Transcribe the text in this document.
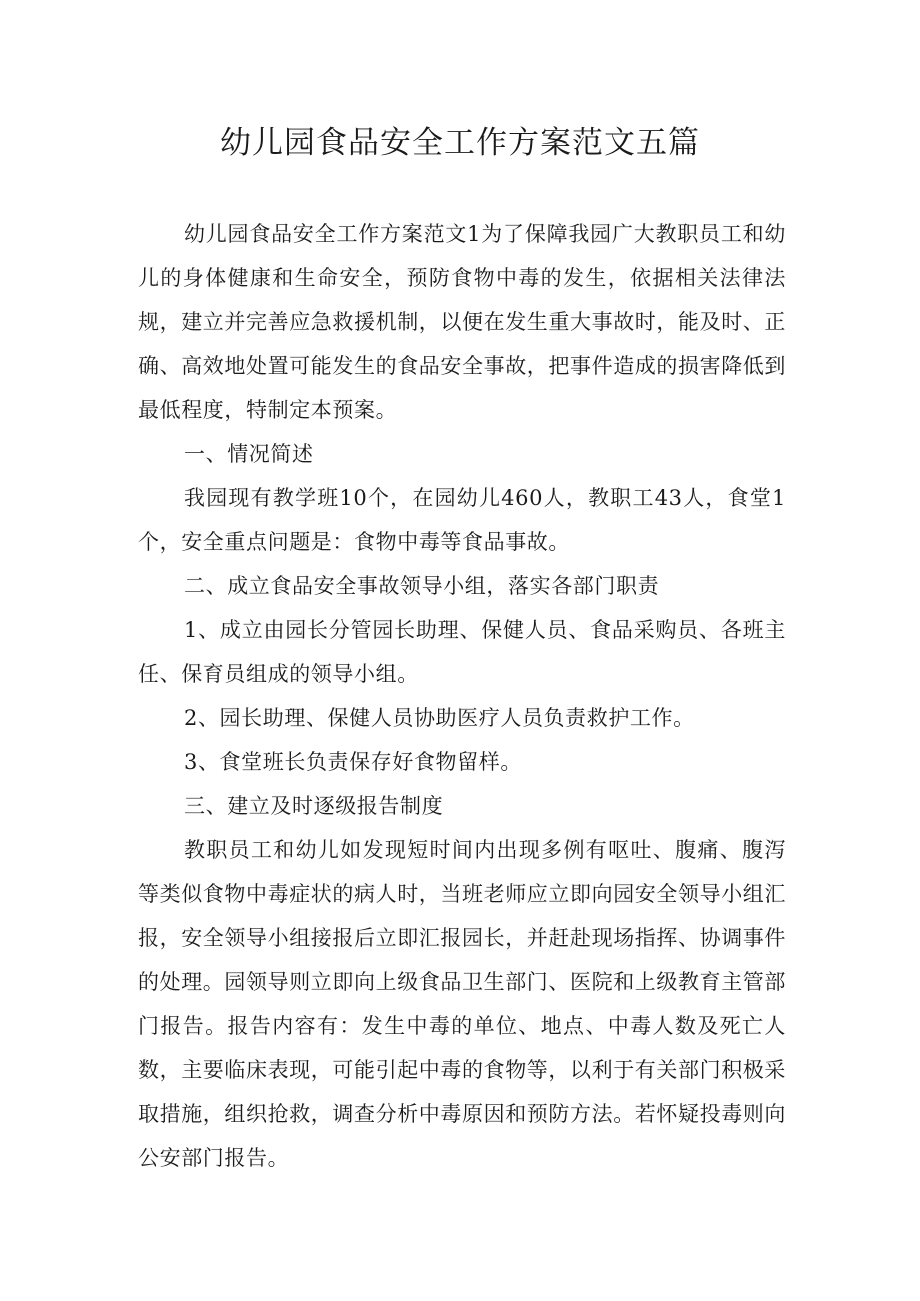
幼儿园食品安全工作方案范文五篇

幼儿园食品安全工作方案范文1为了保障我园广大教职员工和幼儿的身体健康和生命安全，预防食物中毒的发生，依据相关法律法规，建立并完善应急救援机制，以便在发生重大事故时，能及时、正确、高效地处置可能发生的食品安全事故，把事件造成的损害降低到最低程度，特制定本预案。

一、情况简述

我园现有教学班10个，在园幼儿460人，教职工43人，食堂1个，安全重点问题是：食物中毒等食品事故。

二、成立食品安全事故领导小组，落实各部门职责

1、成立由园长分管园长助理、保健人员、食品采购员、各班主任、保育员组成的领导小组。

2、园长助理、保健人员协助医疗人员负责救护工作。

3、食堂班长负责保存好食物留样。

三、建立及时逐级报告制度

教职员工和幼儿如发现短时间内出现多例有呕吐、腹痛、腹泻等类似食物中毒症状的病人时，当班老师应立即向园安全领导小组汇报，安全领导小组接报后立即汇报园长，并赶赴现场指挥、协调事件的处理。园领导则立即向上级食品卫生部门、医院和上级教育主管部门报告。报告内容有：发生中毒的单位、地点、中毒人数及死亡人数，主要临床表现，可能引起中毒的食物等，以利于有关部门积极采取措施，组织抢救，调查分析中毒原因和预防方法。若怀疑投毒则向公安部门报告。
